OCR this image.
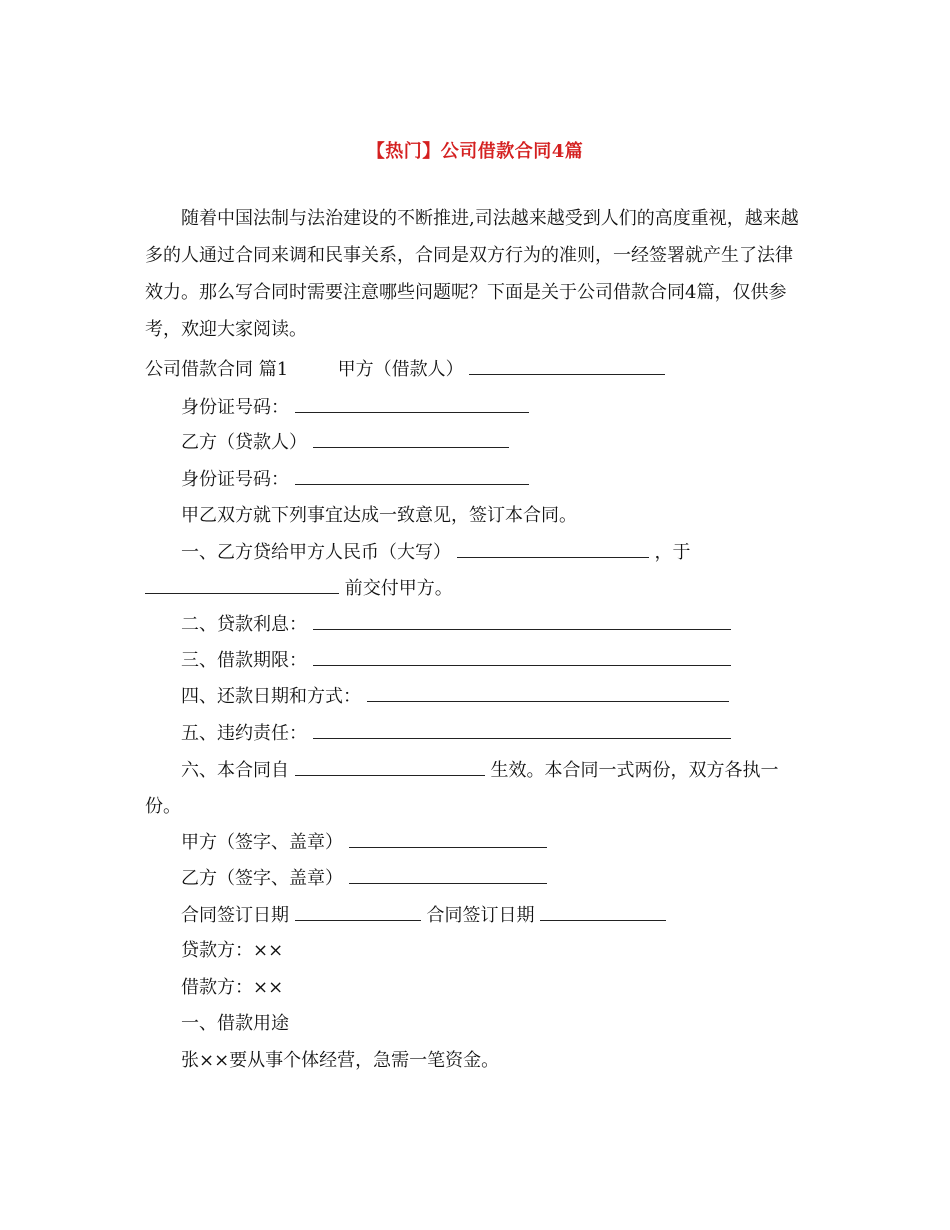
【热门】公司借款合同4篇
随着中国法制与法治建设的不断推进,司法越来越受到人们的高度重视，越来越多的人通过合同来调和民事关系，合同是双方行为的准则，一经签署就产生了法律效力。那么写合同时需要注意哪些问题呢？下面是关于公司借款合同4篇，仅供参考，欢迎大家阅读。
公司借款合同 篇1	甲方（借款人）
身份证号码：
乙方（贷款人）
身份证号码：
甲乙双方就下列事宜达成一致意见，签订本合同。
一、乙方贷给甲方人民币（大写）	，于
前交付甲方。
二、贷款利息：
三、借款期限：
四、还款日期和方式：
五、违约责任：
六、本合同自	生效。本合同一式两份，双方各执一
份。
甲方（签字、盖章）
乙方（签字、盖章）
合同签订日期	合同签订日期
贷款方：××
借款方：××
一、借款用途
张××要从事个体经营，急需一笔资金。
